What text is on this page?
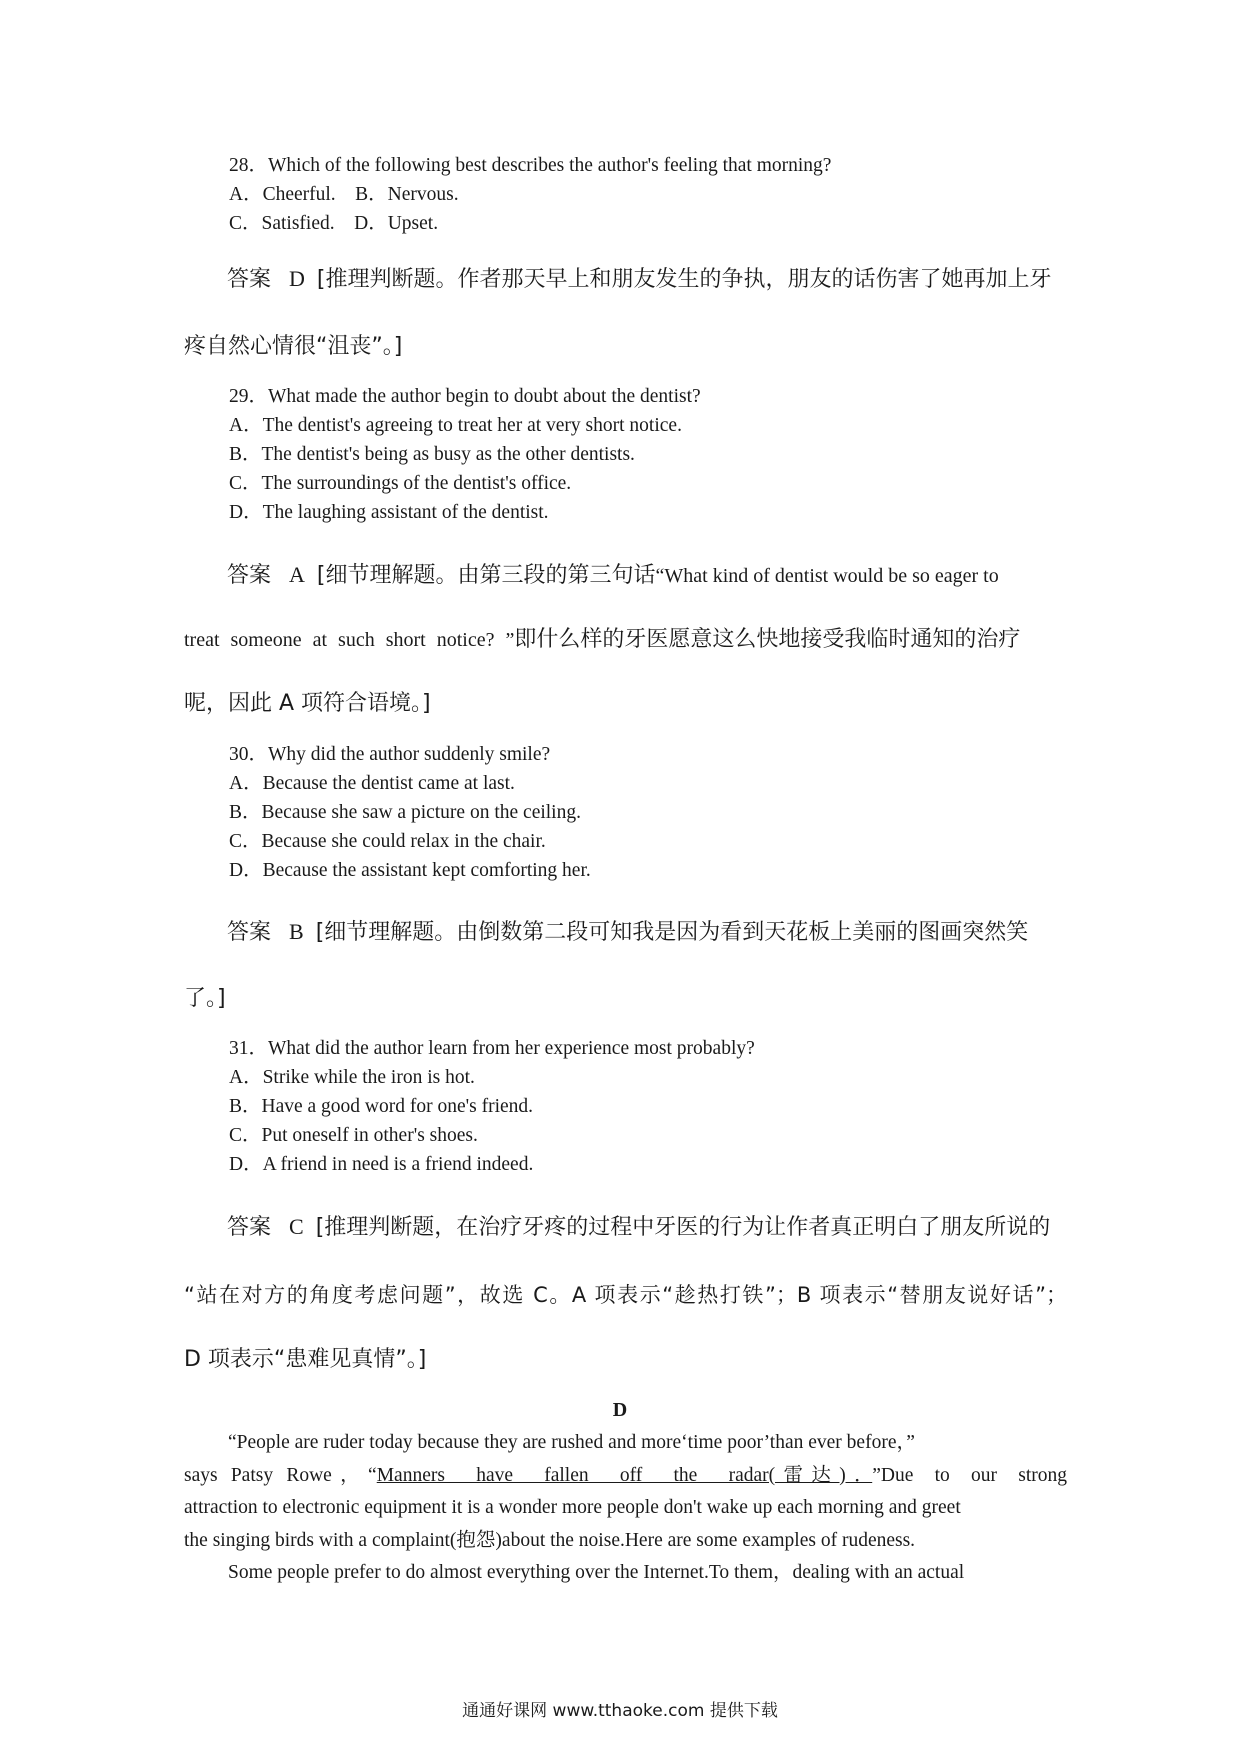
28．Which of the following best describes the author's feeling that morning?
A．Cheerful.　B．Nervous.
C．Satisfied.　D．Upset.
答案 D [推理判断题。作者那天早上和朋友发生的争执，朋友的话伤害了她再加上牙
疼自然心情很“沮丧”。]
29．What made the author begin to doubt about the dentist?
A．The dentist's agreeing to treat her at very short notice.
B．The dentist's being as busy as the other dentists.
C．The surroundings of the dentist's office.
D．The laughing assistant of the dentist.
答案 A [细节理解题。由第三段的第三句话“What kind of dentist would be so eager to
treat someone at such short notice? ”即什么样的牙医愿意这么快地接受我临时通知的治疗
呢，因此 A 项符合语境。]
30．Why did the author suddenly smile?
A．Because the dentist came at last.
B．Because she saw a picture on the ceiling.
C．Because she could relax in the chair.
D．Because the assistant kept comforting her.
答案 B [细节理解题。由倒数第二段可知我是因为看到天花板上美丽的图画突然笑
了。]
31．What did the author learn from her experience most probably?
A．Strike while the iron is hot.
B．Have a good word for one's friend.
C．Put oneself in other's shoes.
D．A friend in need is a friend indeed.
答案 C [推理判断题，在治疗牙疼的过程中牙医的行为让作者真正明白了朋友所说的
“站在对方的角度考虑问题”，故选 C。A 项表示“趁热打铁”；B 项表示“替朋友说好话”；
D 项表示“患难见真情”。]
D
“People are ruder today because they are rushed and more‘time poor’than ever before，”
says Patsy Rowe，“Manners have fallen off the radar(雷达)．”Due to our strong
attraction to electronic equipment it is a wonder more people don't wake up each morning and greet
the singing birds with a complaint(抱怨)about the noise.Here are some examples of rudeness.
Some people prefer to do almost everything over the Internet.To them，dealing with an actual
通通好课网 www.tthaoke.com 提供下载
